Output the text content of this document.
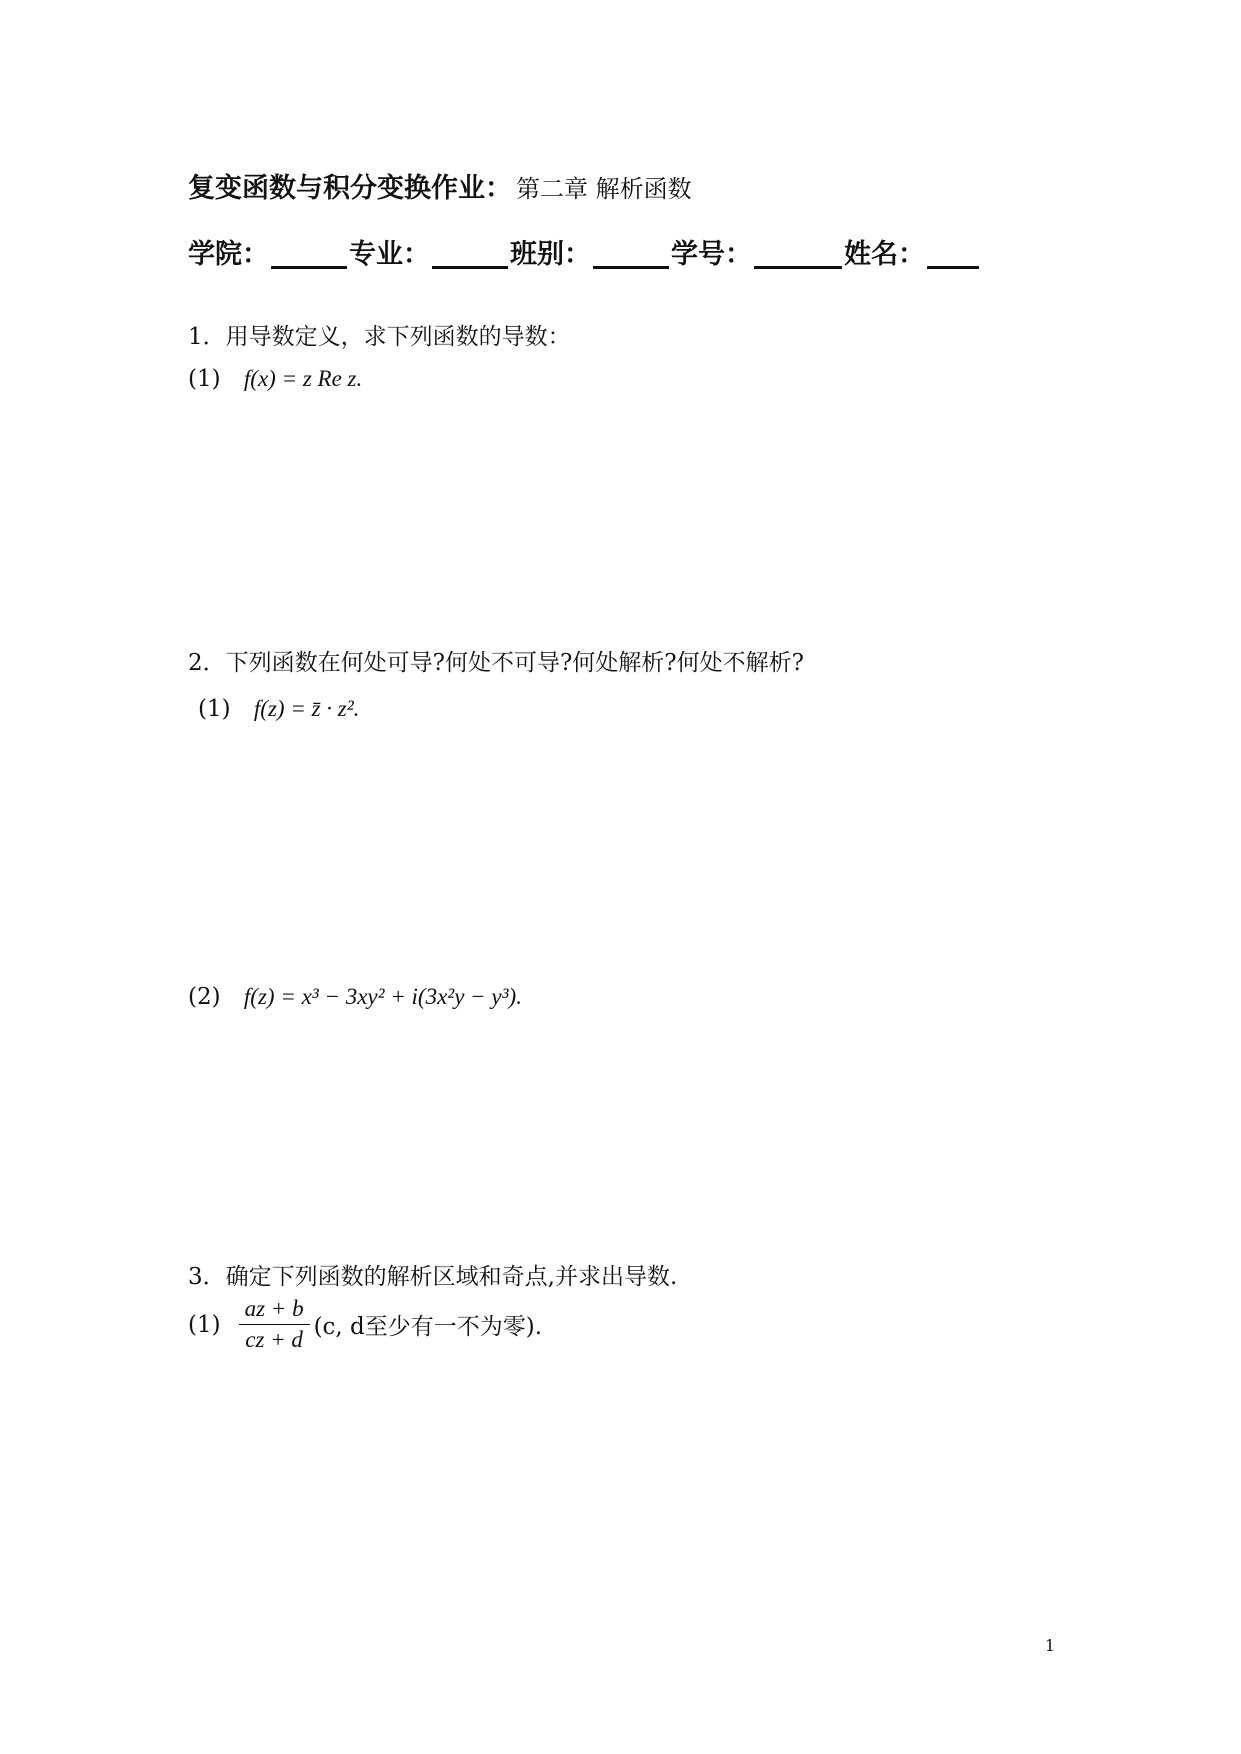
复变函数与积分变换作业： 第二章 解析函数
学院：	专业：	班别：	学号：	姓名：
1．用导数定义，求下列函数的导数：
(1) f(x) = z Re z.
2．下列函数在何处可导?何处不可导?何处解析?何处不解析?
(1) f(z) = z̄ · z².
(2) f(z) = x³ − 3xy² + i(3x²y − y³).
3．确定下列函数的解析区域和奇点,并求出导数.
$(1) \frac{az + b}{cz + d} (c$, d至少有一不为零).
1
